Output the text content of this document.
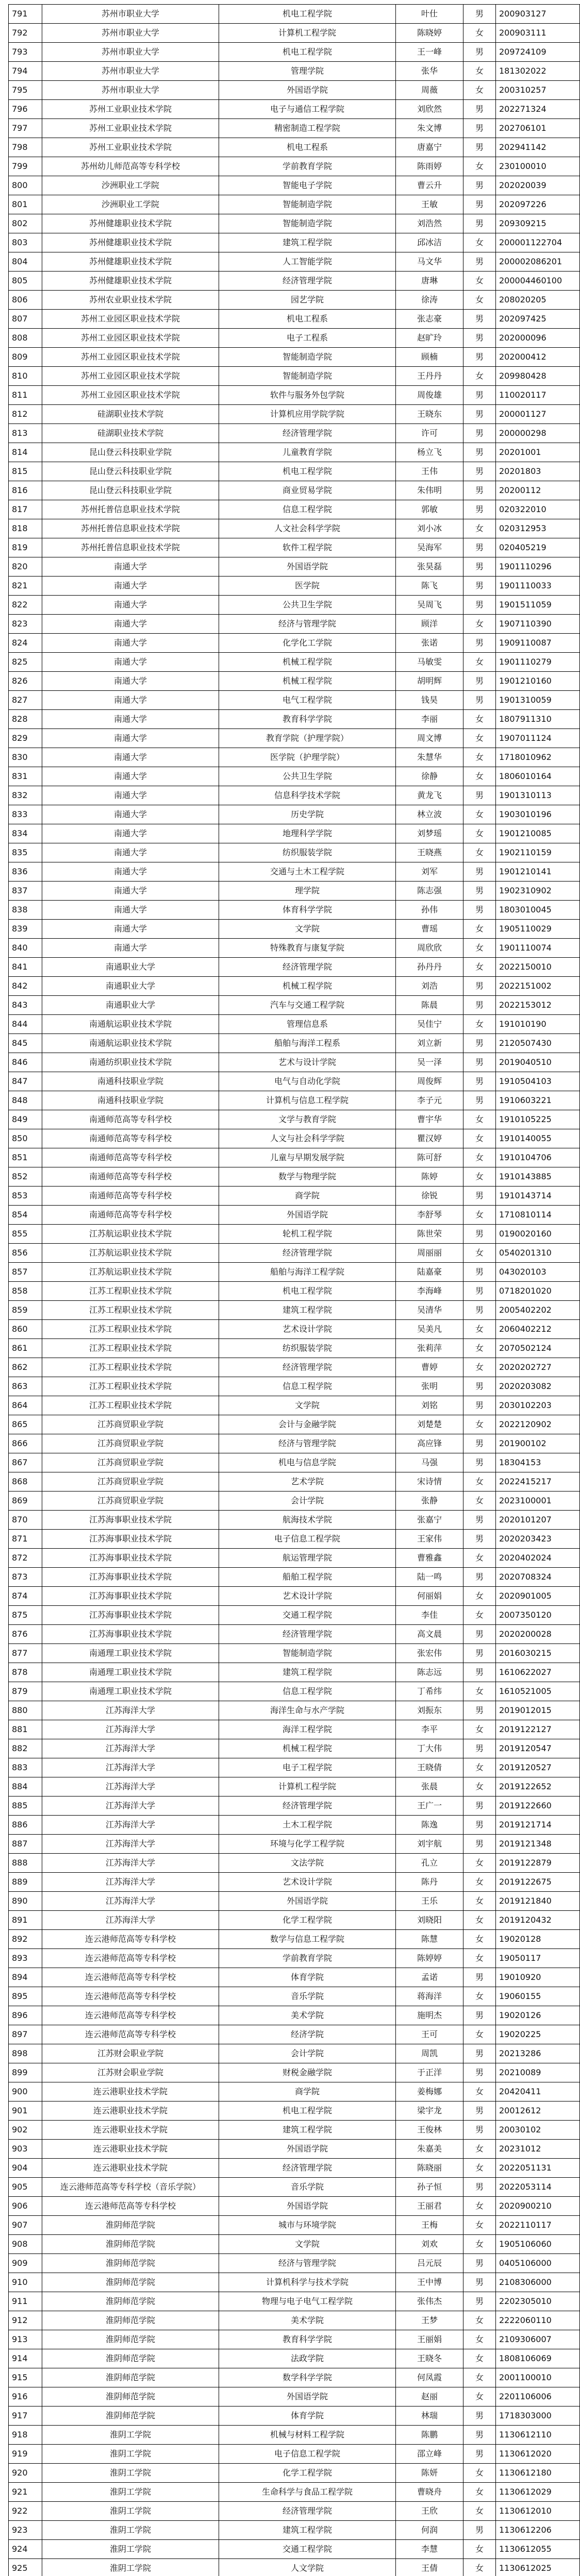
791	苏州市职业大学	机电工程学院	叶仕	男	200903127
792	苏州市职业大学	计算机工程学院	陈晓婷	女	200903111
793	苏州市职业大学	机电工程学院	王一峰	男	209724109
794	苏州市职业大学	管理学院	张华	女	181302022
795	苏州市职业大学	外国语学院	周薇	女	200310257
796	苏州工业职业技术学院	电子与通信工程学院	刘欣然	男	202271324
797	苏州工业职业技术学院	精密制造工程学院	朱文博	男	202706101
798	苏州工业职业技术学院	机电工程系	唐嘉宁	男	202941142
799	苏州幼儿师范高等专科学校	学前教育学院	陈雨婷	女	230100010
800	沙洲职业工学院	智能电子学院	曹云升	男	202020039
801	沙洲职业工学院	智能制造学院	王敏	男	202097226
802	苏州健雄职业技术学院	智能制造学院	刘浩然	男	209309215
803	苏州健雄职业技术学院	建筑工程学院	邱冰洁	女	200001122704
804	苏州健雄职业技术学院	人工智能学院	马文华	男	200002086201
805	苏州健雄职业技术学院	经济管理学院	唐琳	女	200004460100
806	苏州农业职业技术学院	园艺学院	徐涛	女	208020205
807	苏州工业园区职业技术学院	机电工程系	张志豪	男	202097425
808	苏州工业园区职业技术学院	电子工程系	赵旷玲	男	202000096
809	苏州工业园区职业技术学院	智能制造学院	顾楠	男	202000412
810	苏州工业园区职业技术学院	智能制造学院	王丹丹	女	209980428
811	苏州工业园区职业技术学院	软件与服务外包学院	周俊雄	男	110020117
812	硅湖职业技术学院	计算机应用学院学院	王晓东	男	200001127
813	硅湖职业技术学院	经济管理学院	许可	男	200000298
814	昆山登云科技职业学院	儿童教育学院	杨立飞	男	20201001
815	昆山登云科技职业学院	机电工程学院	王伟	男	20201803
816	昆山登云科技职业学院	商业贸易学院	朱伟明	男	20200112
817	苏州托普信息职业技术学院	信息工程学院	郭敏	男	020322010
818	苏州托普信息职业技术学院	人文社会科学学院	刘小冰	女	020312953
819	苏州托普信息职业技术学院	软件工程学院	吴海军	男	020405219
820	南通大学	外国语学院	张昊磊	男	1901110296
821	南通大学	医学院	陈飞	男	1901110033
822	南通大学	公共卫生学院	吴周飞	男	1901511059
823	南通大学	经济与管理学院	顾洋	女	1907110390
824	南通大学	化学化工学院	张诺	男	1909110087
825	南通大学	机械工程学院	马敏雯	女	1901110279
826	南通大学	机械工程学院	胡明辉	男	1901210160
827	南通大学	电气工程学院	钱昊	男	1901310059
828	南通大学	教育科学学院	李丽	女	1807911310
829	南通大学	教育学院（护理学院）	周文博	女	1907011124
830	南通大学	医学院（护理学院）	朱慧华	女	1718010962
831	南通大学	公共卫生学院	徐静	女	1806010164
832	南通大学	信息科学技术学院	黄龙飞	男	1901310113
833	南通大学	历史学院	林立波	女	1903010196
834	南通大学	地理科学学院	刘梦瑶	女	1901210085
835	南通大学	纺织服装学院	王晓燕	女	1902110159
836	南通大学	交通与土木工程学院	刘军	男	1901210141
837	南通大学	理学院	陈志强	男	1902310902
838	南通大学	体育科学学院	孙伟	男	1803010045
839	南通大学	文学院	曹瑶	女	1905110029
840	南通大学	特殊教育与康复学院	周欣欣	女	1901110074
841	南通职业大学	经济管理学院	孙丹丹	女	2022150010
842	南通职业大学	机械工程学院	刘浩	男	2022151002
843	南通职业大学	汽车与交通工程学院	陈晨	男	2022153012
844	南通航运职业技术学院	管理信息系	吴佳宁	女	191010190
845	南通航运职业技术学院	船舶与海洋工程系	刘立新	男	2120507430
846	南通纺织职业技术学院	艺术与设计学院	吴一泽	男	2019040510
847	南通科技职业学院	电气与自动化学院	周俊辉	男	1910504103
848	南通科技职业学院	计算机与信息工程学院	李子元	男	1910603221
849	南通师范高等专科学校	文学与教育学院	曹宇华	女	1910105225
850	南通师范高等专科学校	人文与社会科学学院	瞿汉婷	女	1910140055
851	南通师范高等专科学校	儿童与早期发展学院	陈可舒	女	1910104706
852	南通师范高等专科学校	数学与物理学院	陈婷	女	1910143885
853	南通师范高等专科学校	商学院	徐锐	男	1910143714
854	南通师范高等专科学校	外国语学院	李舒琴	女	1710810114
855	江苏航运职业技术学院	轮机工程学院	陈世荣	男	0190020160
856	江苏航运职业技术学院	经济管理学院	周丽丽	女	0540201310
857	江苏航运职业技术学院	船舶与海洋工程学院	陆嘉豪	男	043020103
858	江苏工程职业技术学院	机电工程学院	李海峰	男	0718201020
859	江苏工程职业技术学院	建筑工程学院	吴清华	男	2005402202
860	江苏工程职业技术学院	艺术设计学院	吴美凡	女	2060402212
861	江苏工程职业技术学院	纺织服装学院	张莉萍	女	2070502124
862	江苏工程职业技术学院	经济管理学院	曹婷	女	2020202727
863	江苏工程职业技术学院	信息工程学院	张明	男	2020203082
864	江苏工程职业技术学院	文学院	刘铭	男	2030102203
865	江苏商贸职业学院	会计与金融学院	刘楚楚	女	2022120902
866	江苏商贸职业学院	经济与管理学院	高应锋	男	201900102
867	江苏商贸职业学院	机电与信息学院	马强	男	18304153
868	江苏商贸职业学院	艺术学院	宋诗情	女	2022415217
869	江苏商贸职业学院	会计学院	张静	女	2023100001
870	江苏海事职业技术学院	航海技术学院	张嘉宁	男	2020101207
871	江苏海事职业技术学院	电子信息工程学院	王家伟	男	2020203423
872	江苏海事职业技术学院	航运管理学院	曹雅鑫	女	2020402024
873	江苏海事职业技术学院	船舶工程学院	陆一鸣	男	2020708324
874	江苏海事职业技术学院	艺术设计学院	何丽娟	女	2020901005
875	江苏海事职业技术学院	交通工程学院	李佳	女	2007350120
876	江苏海事职业技术学院	经济管理学院	高文晨	男	2020200028
877	南通理工职业技术学院	智能制造学院	张宏伟	男	2016030215
878	南通理工职业技术学院	建筑工程学院	陈志远	男	1610622027
879	南通理工职业技术学院	信息工程学院	丁希纬	女	1610521005
880	江苏海洋大学	海洋生命与水产学院	刘振东	男	2019012015
881	江苏海洋大学	海洋工程学院	李平	女	2019122127
882	江苏海洋大学	机械工程学院	丁大伟	男	2019120547
883	江苏海洋大学	电子工程学院	王晓倩	女	2019120527
884	江苏海洋大学	计算机工程学院	张晨	女	2019122652
885	江苏海洋大学	经济管理学院	王广一	男	2019122660
886	江苏海洋大学	土木工程学院	陈逸	男	2019121714
887	江苏海洋大学	环境与化学工程学院	刘宇航	男	2019121348
888	江苏海洋大学	文法学院	孔立	女	2019122879
889	江苏海洋大学	艺术设计学院	陈丹	女	2019122675
890	江苏海洋大学	外国语学院	王乐	女	2019121840
891	江苏海洋大学	化学工程学院	刘晓阳	女	2019120432
892	连云港师范高等专科学校	数学与信息工程学院	陈慧	女	19020128
893	连云港师范高等专科学校	学前教育学院	陈婷婷	女	19050117
894	连云港师范高等专科学校	体育学院	孟诺	男	19010920
895	连云港师范高等专科学校	音乐学院	蒋海洋	女	19060155
896	连云港师范高等专科学校	美术学院	施明杰	男	19020126
897	连云港师范高等专科学校	经济学院	王可	女	19020225
898	江苏财会职业学院	会计学院	周凯	男	20213286
899	江苏财会职业学院	财税金融学院	于正洋	男	20210089
900	连云港职业技术学院	商学院	姜梅娜	女	20420411
901	连云港职业技术学院	机电工程学院	梁宇龙	男	20012612
902	连云港职业技术学院	建筑工程学院	王俊林	男	20030102
903	连云港职业技术学院	外国语学院	朱嘉美	女	20231012
904	连云港职业技术学院	经济管理学院	陈晓丽	女	2022051131
905	连云港师范高等专科学校（音乐学院）	音乐学院	孙子恒	男	2022053114
906	连云港师范高等专科学校	外国语学院	王丽君	女	2020900210
907	淮阴师范学院	城市与环境学院	王梅	女	2022110117
908	淮阴师范学院	文学院	刘欢	女	1905106060
909	淮阴师范学院	经济与管理学院	吕元辰	男	0405106000
910	淮阴师范学院	计算机科学与技术学院	王中博	男	2108306000
911	淮阴师范学院	物理与电子电气工程学院	张伟杰	男	2202305010
912	淮阴师范学院	美术学院	王梦	女	2222060110
913	淮阴师范学院	教育科学学院	王丽娟	女	2109306007
914	淮阴师范学院	法政学院	王晓冬	女	1808106069
915	淮阴师范学院	数学科学学院	何凤霞	女	2001100010
916	淮阴师范学院	外国语学院	赵丽	女	2201106006
917	淮阴师范学院	体育学院	林瑞	男	1718303000
918	淮阴工学院	机械与材料工程学院	陈鹏	男	1130612110
919	淮阴工学院	电子信息工程学院	邵立峰	男	1130612020
920	淮阴工学院	化学工程学院	陈妍	女	1130612180
921	淮阴工学院	生命科学与食品工程学院	曹晓舟	女	1130612029
922	淮阴工学院	经济管理学院	王欣	女	1130612010
923	淮阴工学院	建筑工程学院	何润	男	1130612206
924	淮阴工学院	交通工程学院	李慧	女	1130612055
925	淮阴工学院	人文学院	王倩	女	1130612025
